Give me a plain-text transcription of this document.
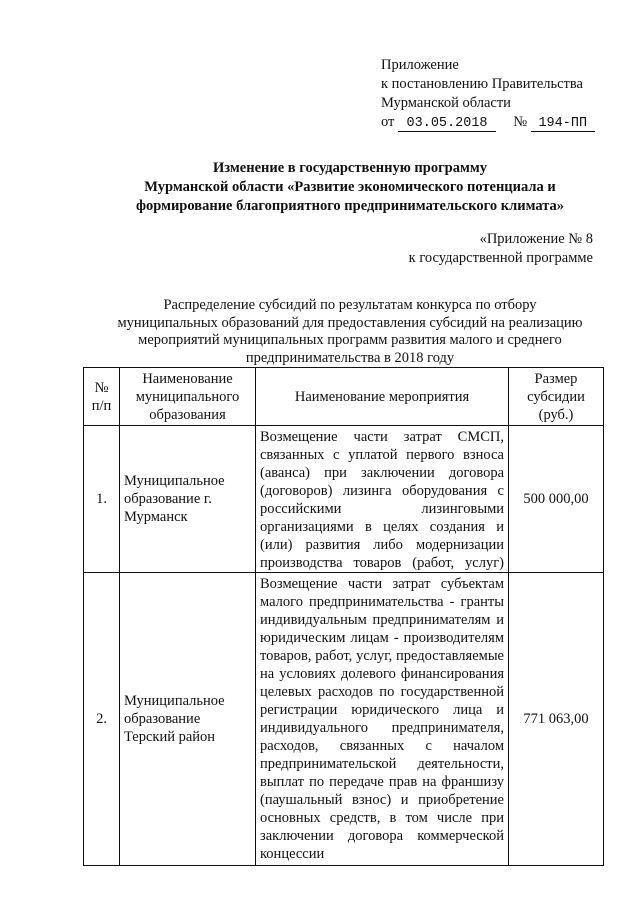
Приложение
к постановлению Правительства
Мурманской области
от 03.05.2018 № 194-ПП
Изменение в государственную программу
Мурманской области «Развитие экономического потенциала и
формирование благоприятного предпринимательского климата»
«Приложение № 8
к государственной программе
Распределение субсидий по результатам конкурса по отбору
муниципальных образований для предоставления субсидий на реализацию
мероприятий муниципальных программ развития малого и среднего
предпринимательства в 2018 году
№ п/п	Наименование муниципального образования	Наименование мероприятия	Размер субсидии (руб.)
1.	Муниципальное образование г. Мурманск	Возмещение части затрат СМСП, связанных с уплатой первого взноса (аванса) при заключении договора (договоров) лизинга оборудования с российскими лизинговыми организациями в целях создания и (или) развития либо модернизации производства товаров (работ, услуг)	500 000,00
2.	Муниципальное образование Терский район	Возмещение части затрат субъектам малого предпринимательства - гранты индивидуальным предпринимателям и юридическим лицам - производителям товаров, работ, услуг, предоставляемые на условиях долевого финансирования целевых расходов по государственной регистрации юридического лица и индивидуального предпринимателя, расходов, связанных с началом предпринимательской деятельности, выплат по передаче прав на франшизу (паушальный взнос) и приобретение основных средств, в том числе при заключении договора коммерческой концессии	771 063,00
